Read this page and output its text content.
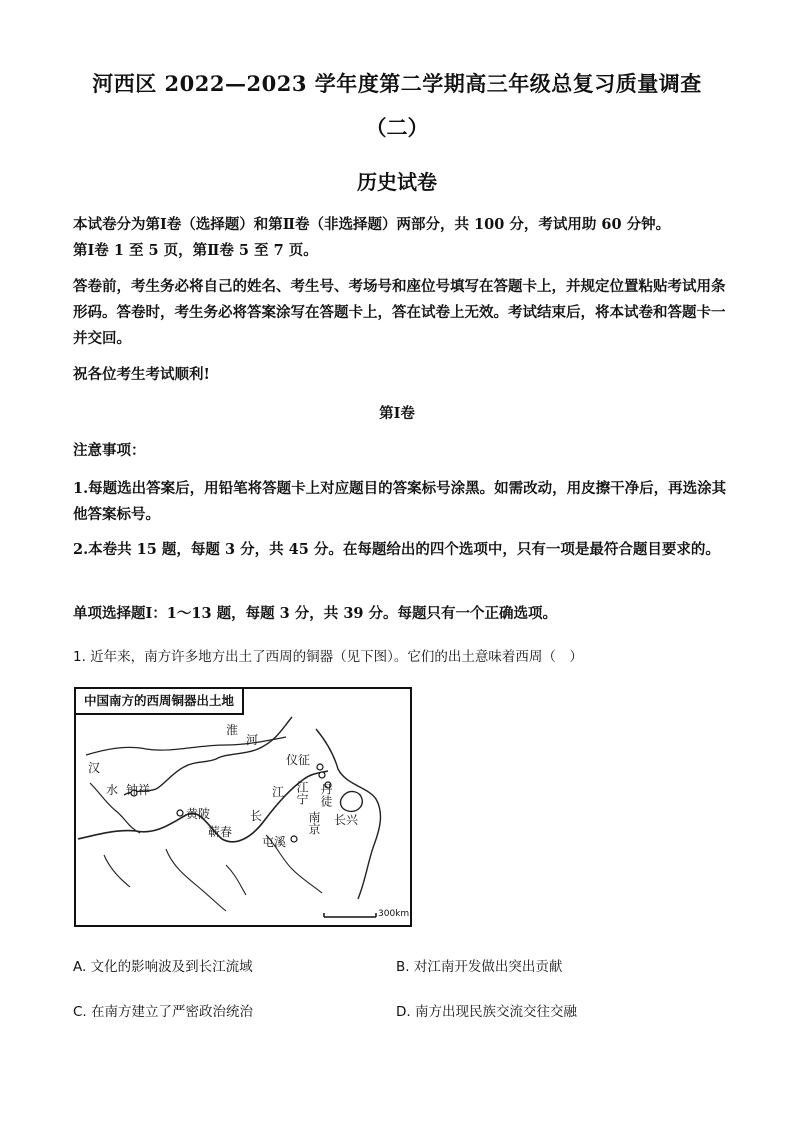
河西区 2022—2023 学年度第二学期高三年级总复习质量调查
（二）
历史试卷
本试卷分为第Ⅰ卷（选择题）和第Ⅱ卷（非选择题）两部分，共 100 分，考试用助 60 分钟。
第Ⅰ卷 1 至 5 页，第Ⅱ卷 5 至 7 页。
答卷前，考生务必将自己的姓名、考生号、考场号和座位号填写在答题卡上，并规定位置粘贴考试用条形码。答卷时，考生务必将答案涂写在答题卡上，答在试卷上无效。考试结束后，将本试卷和答题卡一并交回。
祝各位考生考试顺利!
第Ⅰ卷
注意事项：
1.每题选出答案后，用铅笔将答题卡上对应题目的答案标号涂黑。如需改动，用皮擦干净后，再选涂其他答案标号。
2.本卷共 15 题，每题 3 分，共 45 分。在每题给出的四个选项中，只有一项是最符合题目要求的。
单项选择题Ⅰ：1～13 题，每题 3 分，共 39 分。每题只有一个正确选项。
1. 近年来，南方许多地方出土了西周的铜器（见下图）。它们的出土意味着西周（　）
中国南方的西周铜器出土地
淮
河
汉
水 钟祥
黄陂
蕲春
长
江
仪征
江宁 丹徒
南京 长兴
屯溪
300km
A. 文化的影响波及到长江流域	B. 对江南开发做出突出贡献
C. 在南方建立了严密政治统治	D. 南方出现民族交流交往交融
